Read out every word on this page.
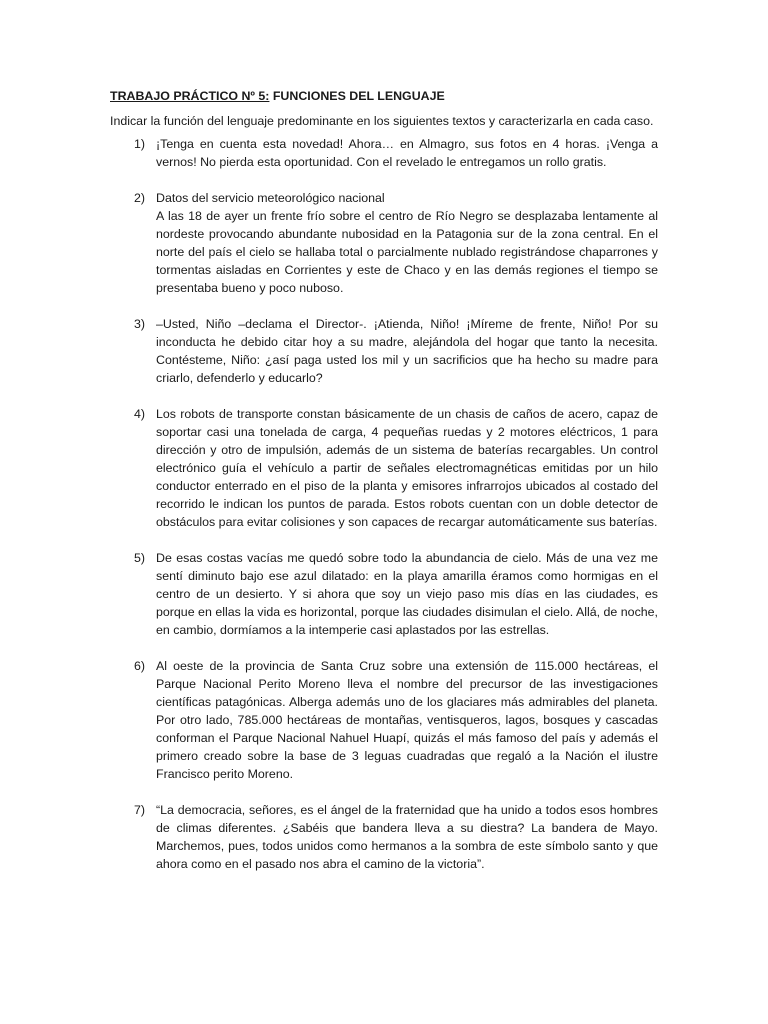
TRABAJO PRÁCTICO Nº 5: FUNCIONES DEL LENGUAJE
Indicar la función del lenguaje predominante en los siguientes textos y caracterizarla en cada caso.
1) ¡Tenga en cuenta esta novedad! Ahora… en Almagro, sus fotos en 4 horas. ¡Venga a vernos! No pierda esta oportunidad. Con el revelado le entregamos un rollo gratis.
2) Datos del servicio meteorológico nacional
A las 18 de ayer un frente frío sobre el centro de Río Negro se desplazaba lentamente al nordeste provocando abundante nubosidad en la Patagonia sur de la zona central. En el norte del país el cielo se hallaba total o parcialmente nublado registrándose chaparrones y tormentas aisladas en Corrientes y este de Chaco y en las demás regiones el tiempo se presentaba bueno y poco nuboso.
3) –Usted, Niño –declama el Director-. ¡Atienda, Niño! ¡Míreme de frente, Niño! Por su inconducta he debido citar hoy a su madre, alejándola del hogar que tanto la necesita. Contésteme, Niño: ¿así paga usted los mil y un sacrificios que ha hecho su madre para criarlo, defenderlo y educarlo?
4) Los robots de transporte constan básicamente de un chasis de caños de acero, capaz de soportar casi una tonelada de carga, 4 pequeñas ruedas y 2 motores eléctricos, 1 para dirección y otro de impulsión, además de un sistema de baterías recargables. Un control electrónico guía el vehículo a partir de señales electromagnéticas emitidas por un hilo conductor enterrado en el piso de la planta y emisores infrarrojos ubicados al costado del recorrido le indican los puntos de parada. Estos robots cuentan con un doble detector de obstáculos para evitar colisiones y son capaces de recargar automáticamente sus baterías.
5) De esas costas vacías me quedó sobre todo la abundancia de cielo. Más de una vez me sentí diminuto bajo ese azul dilatado: en la playa amarilla éramos como hormigas en el centro de un desierto. Y si ahora que soy un viejo paso mis días en las ciudades, es porque en ellas la vida es horizontal, porque las ciudades disimulan el cielo. Allá, de noche, en cambio, dormíamos a la intemperie casi aplastados por las estrellas.
6) Al oeste de la provincia de Santa Cruz sobre una extensión de 115.000 hectáreas, el Parque Nacional Perito Moreno lleva el nombre del precursor de las investigaciones científicas patagónicas. Alberga además uno de los glaciares más admirables del planeta. Por otro lado, 785.000 hectáreas de montañas, ventisqueros, lagos, bosques y cascadas conforman el Parque Nacional Nahuel Huapí, quizás el más famoso del país y además el primero creado sobre la base de 3 leguas cuadradas que regaló a la Nación el ilustre Francisco perito Moreno.
7) “La democracia, señores, es el ángel de la fraternidad que ha unido a todos esos hombres de climas diferentes. ¿Sabéis que bandera lleva a su diestra? La bandera de Mayo. Marchemos, pues, todos unidos como hermanos a la sombra de este símbolo santo y que ahora como en el pasado nos abra el camino de la victoria”.
